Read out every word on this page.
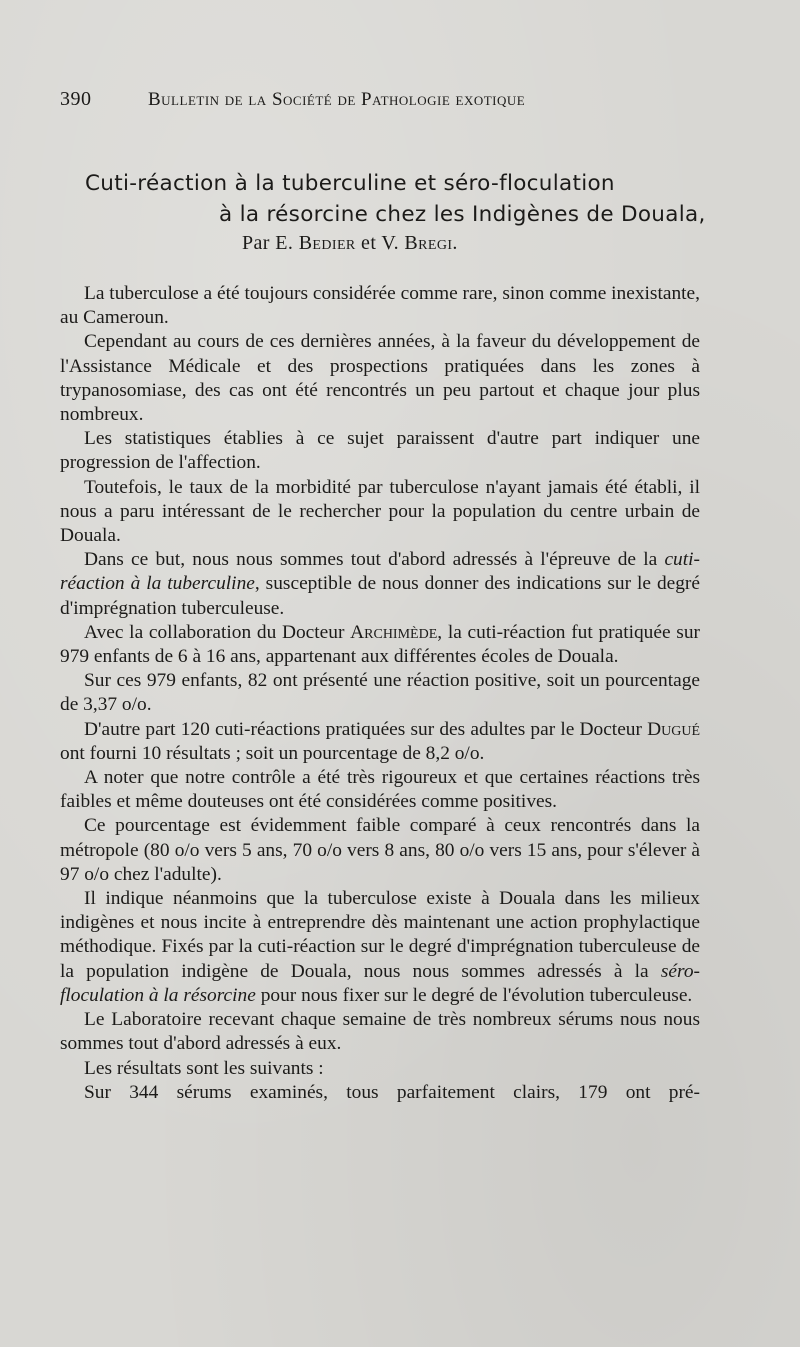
390	Bulletin de la Société de Pathologie exotique
Cuti-réaction à la tuberculine et séro-floculation
à la résorcine chez les Indigènes de Douala,
Par E. Bedier et V. Bregi.

La tuberculose a été toujours considérée comme rare, sinon comme inexistante, au Cameroun.

Cependant au cours de ces dernières années, à la faveur du développement de l'Assistance Médicale et des prospections pratiquées dans les zones à trypanosomiase, des cas ont été rencontrés un peu partout et chaque jour plus nombreux.

Les statistiques établies à ce sujet paraissent d'autre part indiquer une progression de l'affection.

Toutefois, le taux de la morbidité par tuberculose n'ayant jamais été établi, il nous a paru intéressant de le rechercher pour la population du centre urbain de Douala.

Dans ce but, nous nous sommes tout d'abord adressés à l'épreuve de la cuti-réaction à la tuberculine, susceptible de nous donner des indications sur le degré d'imprégnation tuberculeuse.

Avec la collaboration du Docteur Archimède, la cuti-réaction fut pratiquée sur 979 enfants de 6 à 16 ans, appartenant aux différentes écoles de Douala.

Sur ces 979 enfants, 82 ont présenté une réaction positive, soit un pourcentage de 3,37 o/o.

D'autre part 120 cuti-réactions pratiquées sur des adultes par le Docteur Dugué ont fourni 10 résultats ; soit un pourcentage de 8,2 o/o.

A noter que notre contrôle a été très rigoureux et que certaines réactions très faibles et même douteuses ont été considérées comme positives.

Ce pourcentage est évidemment faible comparé à ceux rencontrés dans la métropole (80 o/o vers 5 ans, 70 o/o vers 8 ans, 80 o/o vers 15 ans, pour s'élever à 97 o/o chez l'adulte).

Il indique néanmoins que la tuberculose existe à Douala dans les milieux indigènes et nous incite à entreprendre dès maintenant une action prophylactique méthodique. Fixés par la cuti-réaction sur le degré d'imprégnation tuberculeuse de la population indigène de Douala, nous nous sommes adressés à la séro-floculation à la résorcine pour nous fixer sur le degré de l'évolution tuberculeuse.

Le Laboratoire recevant chaque semaine de très nombreux sérums nous nous sommes tout d'abord adressés à eux.

Les résultats sont les suivants :

Sur 344 sérums examinés, tous parfaitement clairs, 179 ont pré-
